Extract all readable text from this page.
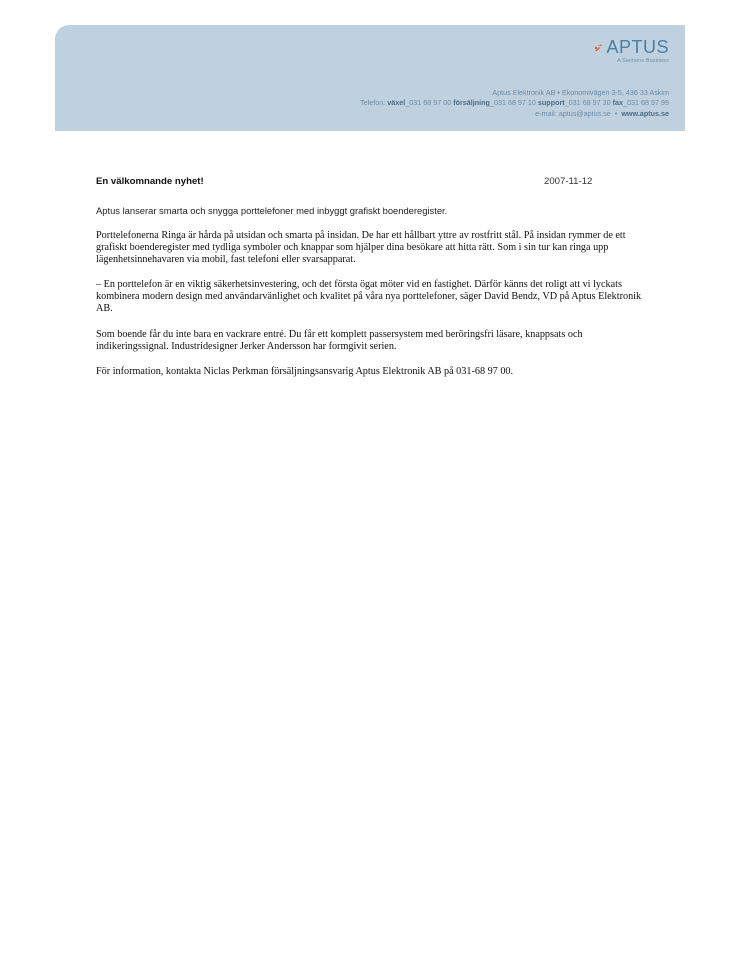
APTUS
A Siemens Business
Aptus Elektronik AB • Ekonomivägen 3-5, 436 33 Askim
Telefon: växel_031 68 97 00 försäljning_031 68 97 10 support_031 68 97 30 fax_031 68 97 99
e-mail: aptus@aptus.se • www.aptus.se
En välkomnande nyhet!	2007-11-12
Aptus lanserar smarta och snygga porttelefoner med inbyggt grafiskt boenderegister.
Porttelefonerna Ringa är hårda på utsidan och smarta på insidan. De har ett hållbart yttre av rostfritt stål. På insidan rymmer de ett grafiskt boenderegister med tydliga symboler och knappar som hjälper dina besökare att hitta rätt. Som i sin tur kan ringa upp lägenhetsinnehavaren via mobil, fast telefoni eller svarsapparat.
– En porttelefon är en viktig säkerhetsinvestering, och det första ögat möter vid en fastighet. Därför känns det roligt att vi lyckats kombinera modern design med användarvänlighet och kvalitet på våra nya porttelefoner, säger David Bendz, VD på Aptus Elektronik AB.
Som boende får du inte bara en vackrare entré. Du får ett komplett passersystem med beröringsfri läsare, knappsats och indikeringssignal. Industridesigner Jerker Andersson har formgivit serien.
För information, kontakta Niclas Perkman försäljningsansvarig Aptus Elektronik AB på 031-68 97 00.
